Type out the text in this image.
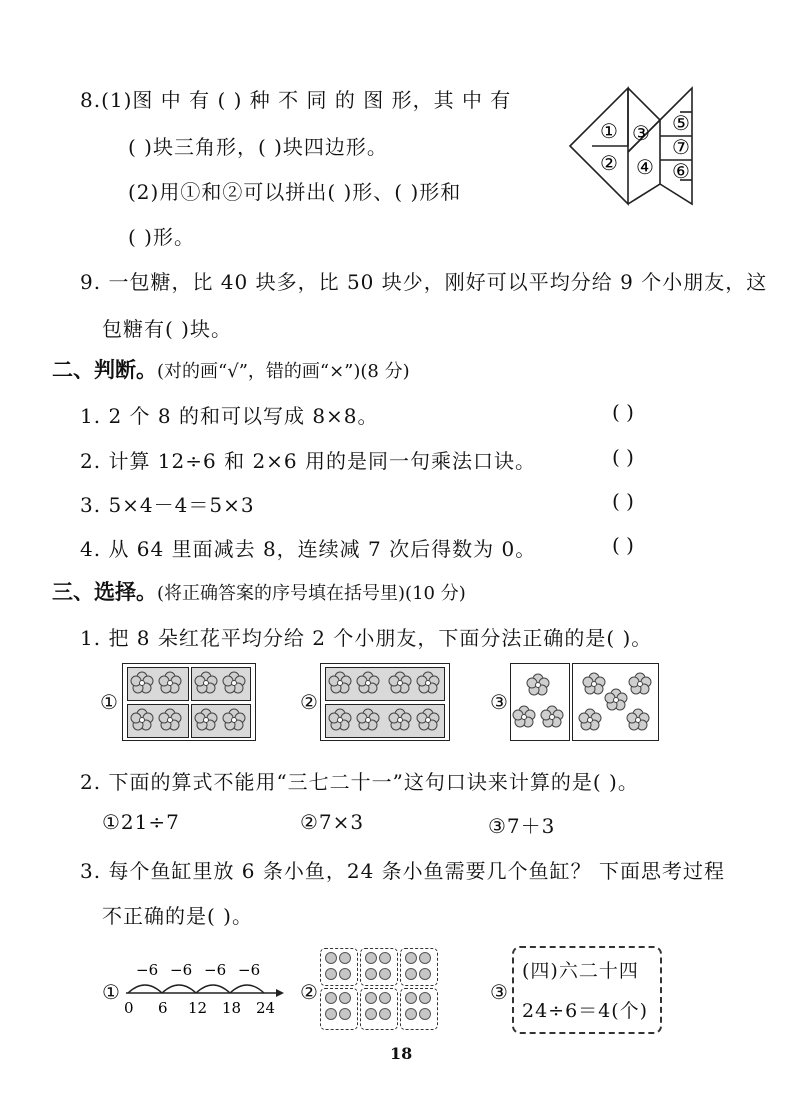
8.(1)图 中 有 ( ) 种 不 同 的 图 形，其 中 有
( )块三角形，( )块四边形。
(2)用①和②可以拼出( )形、( )形和
( )形。
①
②
③
④
⑤
⑥
⑦
9. 一包糖，比 40 块多，比 50 块少，刚好可以平均分给 9 个小朋友，这
包糖有( )块。
二、判断。(对的画“√”，错的画“×”)(8 分)
1. 2 个 8 的和可以写成 8×8。	( )
2. 计算 12÷6 和 2×6 用的是同一句乘法口诀。	( )
3. 5×4－4＝5×3	( )
4. 从 64 里面减去 8，连续减 7 次后得数为 0。	( )
三、选择。(将正确答案的序号填在括号里)(10 分)
1. 把 8 朵红花平均分给 2 个小朋友，下面分法正确的是( )。
①	②	③
2. 下面的算式不能用“三七二十一”这句口诀来计算的是( )。
①21÷7	②7×3	③7＋3
3. 每个鱼缸里放 6 条小鱼，24 条小鱼需要几个鱼缸？ 下面思考过程
不正确的是( )。
①
−6 −6 −6 −6
0 6 12 18 24
②	③
(四)六二十四
24÷6＝4(个)
18
